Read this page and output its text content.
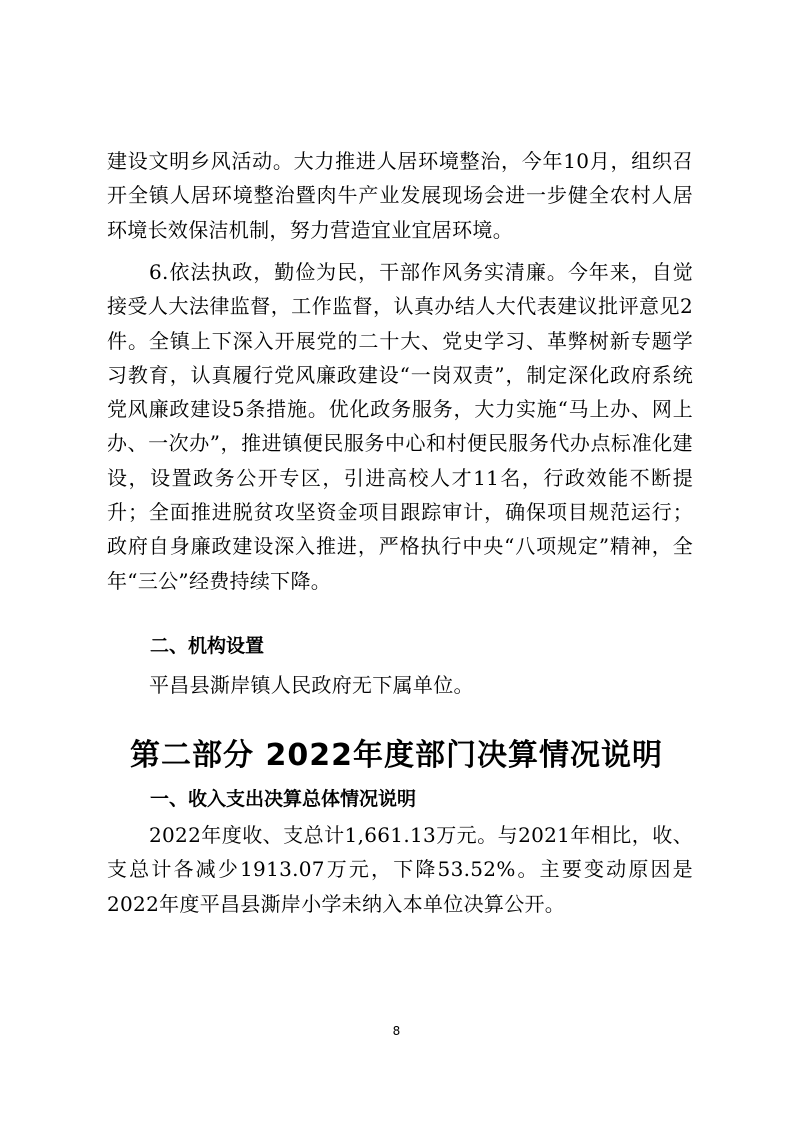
建设文明乡风活动。大力推进人居环境整治，今年10月，组织召开全镇人居环境整治暨肉牛产业发展现场会进一步健全农村人居环境长效保洁机制，努力营造宜业宜居环境。

6.依法执政，勤俭为民，干部作风务实清廉。今年来，自觉接受人大法律监督，工作监督，认真办结人大代表建议批评意见2件。全镇上下深入开展党的二十大、党史学习、革弊树新专题学习教育，认真履行党风廉政建设“一岗双责”，制定深化政府系统党风廉政建设5条措施。优化政务服务，大力实施“马上办、网上办、一次办”，推进镇便民服务中心和村便民服务代办点标准化建设，设置政务公开专区，引进高校人才11名，行政效能不断提升；全面推进脱贫攻坚资金项目跟踪审计，确保项目规范运行；政府自身廉政建设深入推进，严格执行中央“八项规定”精神，全年“三公”经费持续下降。

二、机构设置

平昌县澌岸镇人民政府无下属单位。

第二部分 2022年度部门决算情况说明

一、收入支出决算总体情况说明

2022年度收、支总计1,661.13万元。与2021年相比，收、支总计各减少1913.07万元，下降53.52%。主要变动原因是2022年度平昌县澌岸小学未纳入本单位决算公开。

8
